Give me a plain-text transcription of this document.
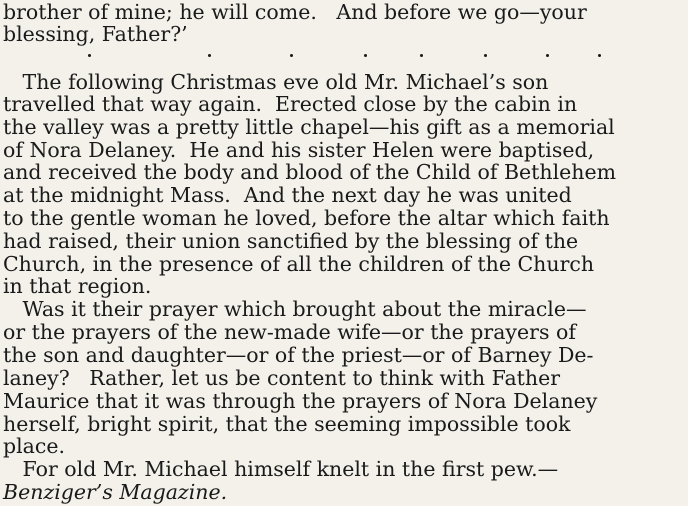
brother of mine; he will come.   And before we go—your
blessing, Father?’
The following Christmas eve old Mr. Michael’s son
travelled that way again.  Erected close by the cabin in
the valley was a pretty little chapel—his gift as a memorial
of Nora Delaney.  He and his sister Helen were baptised,
and received the body and blood of the Child of Bethlehem
at the midnight Mass.  And the next day he was united
to the gentle woman he loved, before the altar which faith
had raised, their union sanctified by the blessing of the
Church, in the presence of all the children of the Church
in that region.
Was it their prayer which brought about the miracle—
or the prayers of the new-made wife—or the prayers of
the son and daughter—or of the priest—or of Barney De-
laney?   Rather, let us be content to think with Father
Maurice that it was through the prayers of Nora Delaney
herself, bright spirit, that the seeming impossible took
place.
For old Mr. Michael himself knelt in the first pew.—
Benziger’s Magazine.
